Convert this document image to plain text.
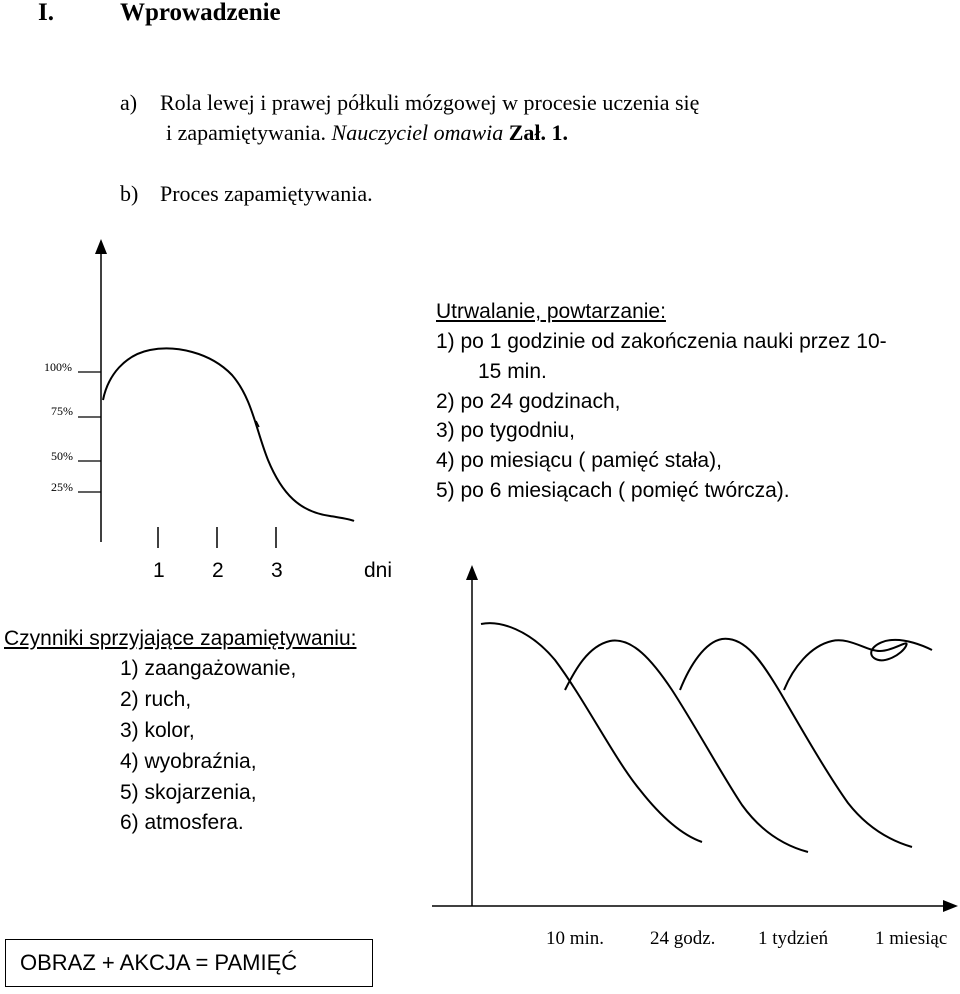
I.	Wprowadzenie
a) Rola lewej i prawej półkuli mózgowej w procesie uczenia się
i zapamiętywania. Nauczyciel omawia Zał. 1.
b) Proces zapamiętywania.
100%
75%
50%
25%
1 2 3	dni
Utrwalanie, powtarzanie:
1) po 1 godzinie od zakończenia nauki przez 10-
15 min.
2) po 24 godzinach,
3) po tygodniu,
4) po miesiącu ( pamięć stała),
5) po 6 miesiącach ( pomięć twórcza).
Czynniki sprzyjające zapamiętywaniu:
1) zaangażowanie,
2) ruch,
3) kolor,
4) wyobraźnia,
5) skojarzenia,
6) atmosfera.
10 min. 24 godz. 1 tydzień 1 miesiąc
OBRAZ + AKCJA = PAMIĘĆ
